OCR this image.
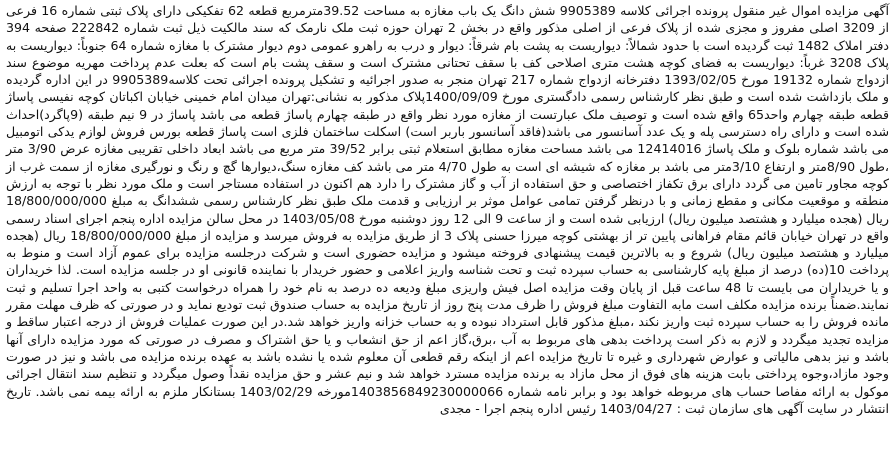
آگهی مزایده اموال غیر منقول پرونده اجرائی کلاسه 9905389 شش دانگ یک باب مغازه به مساحت 39.52مترمربع قطعه 62 تفکیکی دارای پلاک ثبتی شماره 16 فرعی از 3209 اصلی مفروز و مجزی شده از پلاک فرعی از اصلی مذکور واقع در بخش 2 تهران حوزه ثبت ملک نارمک که سند مالکیت ذیل ثبت شماره 222842 صفحه 394 دفتر املاک 1482 ثبت گردیده است با حدود شمالاً: دیواریست به پشت بام شرقاً: دیوار و درب به راهرو عمومی دوم دیوار مشترک با مغازه شماره 64 جنوباً: دیواریست به پلاک 3208 غرباً: دیواریست به فضای کوچه هشت متری اصلاحی کف با سقف تحتانی مشترک است و سقف پشت بام است که بعلت عدم پرداخت مهریه موضوع سند ازدواج شماره 19132 مورخ 1393/02/05 دفترخانه ازدواج شماره 217 تهران منجر به صدور اجرائیه و تشکیل پرونده اجرائی تحت کلاسه9905389 در این اداره گردیده و ملک بازداشت شده است و طبق نظر کارشناس رسمی دادگستری مورخ 1400/09/09پلاک مذکور به نشانی:تهران میدان امام خمینی خیابان اکباتان کوچه نفیسی پاساژ قطعه طبقه چهارم واحد65 واقع شده است و توصیف ملک عبارتست از مغازه مورد نظر واقع در طبقه چهارم پاساژ قطعه می باشد پاساژ در 9 نیم طبقه (9پاگرد)احداث شده است و دارای راه دسترسی پله و یک عدد آسانسور می باشد(فاقد آسانسور باربر است) اسکلت ساختمان فلزی است پاساژ قطعه بورس فروش لوازم یدکی اتومبیل می باشد شماره بلوک و ملک پاساژ 12414016 می باشد مساحت مغازه مطابق استعلام ثبتی برابر 39/52 متر مربع می باشد ابعاد داخلی تقریبی مغازه عرض 3/90 متر ،طول 8/90متر و ارتفاع 3/10متر می باشد بر مغازه که شیشه ای است به طول 4/70 متر می باشد کف مغازه سنگ،دیوارها گچ و رنگ و نورگیری مغازه از سمت غرب از کوچه مجاور تامین می گردد دارای برق تکفاز اختصاصی و حق استفاده از آب و گاز مشترک را دارد هم اکنون در استفاده مستاجر است و ملک مورد نظر با توجه به ارزش منطقه و موقعیت مکانی و مقطع زمانی و با درنظر گرفتن تمامی عوامل موثر بر ارزیابی و قدمت ملک طبق نظر کارشناس رسمی ششدانگ به مبلغ 18/800/000/000 ریال (هجده میلیارد و هشتصد میلیون ریال) ارزیابی شده است و از ساعت 9 الی 12 روز دوشنبه مورخ 1403/05/08 در محل سالن مزایده اداره پنجم اجرای اسناد رسمی واقع در تهران خیابان قائم مقام فراهانی پایین تر از بهشتی کوچه میرزا حسنی پلاک 3 از طریق مزایده به فروش میرسد و مزایده از مبلغ 18/800/000/000 ریال (هجده میلیارد و هشتصد میلیون ریال) شروع و به بالاترین قیمت پیشنهادی فروخته میشود و مزایده حضوری است و شرکت درجلسه مزایده برای عموم آزاد است و منوط به پرداخت 10(ده) درصد از مبلغ پایه کارشناسی به حساب سپرده ثبت و تحت شناسه واریز اعلامی و حضور خریدار با نماینده قانونی او در جلسه مزایده است. لذا خریداران و یا خریداران می بایست تا 48 ساعت قبل از پایان وقت مزایده اصل فیش واریزی مبلغ ودیعه ده درصد به نام خود را همراه درخواست کتبی به واحد اجرا تسلیم و ثبت نمایند.ضمناً برنده مزایده مکلف است مابه التفاوت مبلغ فروش را ظرف مدت پنج روز از تاریخ مزایده به حساب صندوق ثبت تودیع نماید و در صورتی که ظرف مهلت مقرر مانده فروش را به حساب سپرده ثبت واریز نکند ،مبلغ مذکور قابل استرداد نبوده و به حساب خزانه واریز خواهد شد.در این صورت عملیات فروش از درجه اعتبار ساقط و مزایده تجدید میگردد و لازم به ذکر است پرداخت بدهی های مربوط به آب ،برق،گاز اعم از حق انشعاب و یا حق اشتراک و مصرف در صورتی که مورد مزایده دارای آنها باشد و نیز بدهی مالیاتی و عوارض شهرداری و غیره تا تاریخ مزایده اعم از اینکه رقم قطعی آن معلوم شده یا نشده باشد به عهده برنده مزایده می باشد و نیز در صورت وجود مازاد،وجوه پرداختی بابت هزینه های فوق از محل مازاد به برنده مزایده مسترد خواهد شد و نیم عشر و حق مزایده نقداً وصول میگردد و تنظیم سند انتقال اجرائی موکول به ارائه مفاصا حساب های مربوطه خواهد بود و برابر نامه شماره 1403856849230000066مورخه 1403/02/29 بستانکار ملزم به ارائه بیمه نمی باشد. تاریخ انتشار در سایت آگهی های سازمان ثبت : 1403/04/27 رئیس اداره پنجم اجرا - مجدی
